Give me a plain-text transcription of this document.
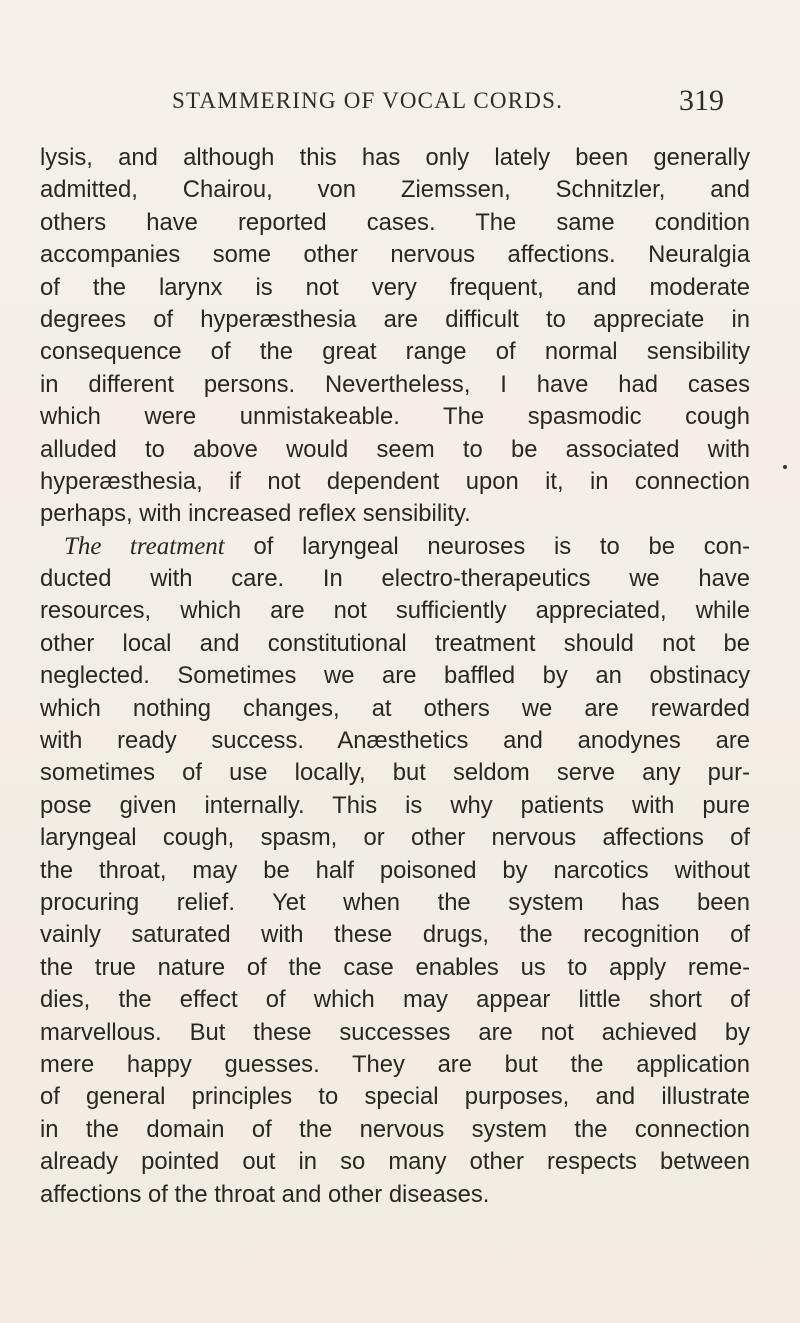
STAMMERING OF VOCAL CORDS.	319
lysis, and although this has only lately been generally
admitted, Chairou, von Ziemssen, Schnitzler, and
others have reported cases. The same condition
accompanies some other nervous affections. Neuralgia
of the larynx is not very frequent, and moderate
degrees of hyperæsthesia are difficult to appreciate in
consequence of the great range of normal sensibility
in different persons. Nevertheless, I have had cases
which were unmistakeable. The spasmodic cough
alluded to above would seem to be associated with
hyperæsthesia, if not dependent upon it, in connection
perhaps, with increased reflex sensibility.
The treatment of laryngeal neuroses is to be con-
ducted with care. In electro-therapeutics we have
resources, which are not sufficiently appreciated, while
other local and constitutional treatment should not be
neglected. Sometimes we are baffled by an obstinacy
which nothing changes, at others we are rewarded
with ready success. Anæsthetics and anodynes are
sometimes of use locally, but seldom serve any pur-
pose given internally. This is why patients with pure
laryngeal cough, spasm, or other nervous affections of
the throat, may be half poisoned by narcotics without
procuring relief. Yet when the system has been
vainly saturated with these drugs, the recognition of
the true nature of the case enables us to apply reme-
dies, the effect of which may appear little short of
marvellous. But these successes are not achieved by
mere happy guesses. They are but the application
of general principles to special purposes, and illustrate
in the domain of the nervous system the connection
already pointed out in so many other respects between
affections of the throat and other diseases.
